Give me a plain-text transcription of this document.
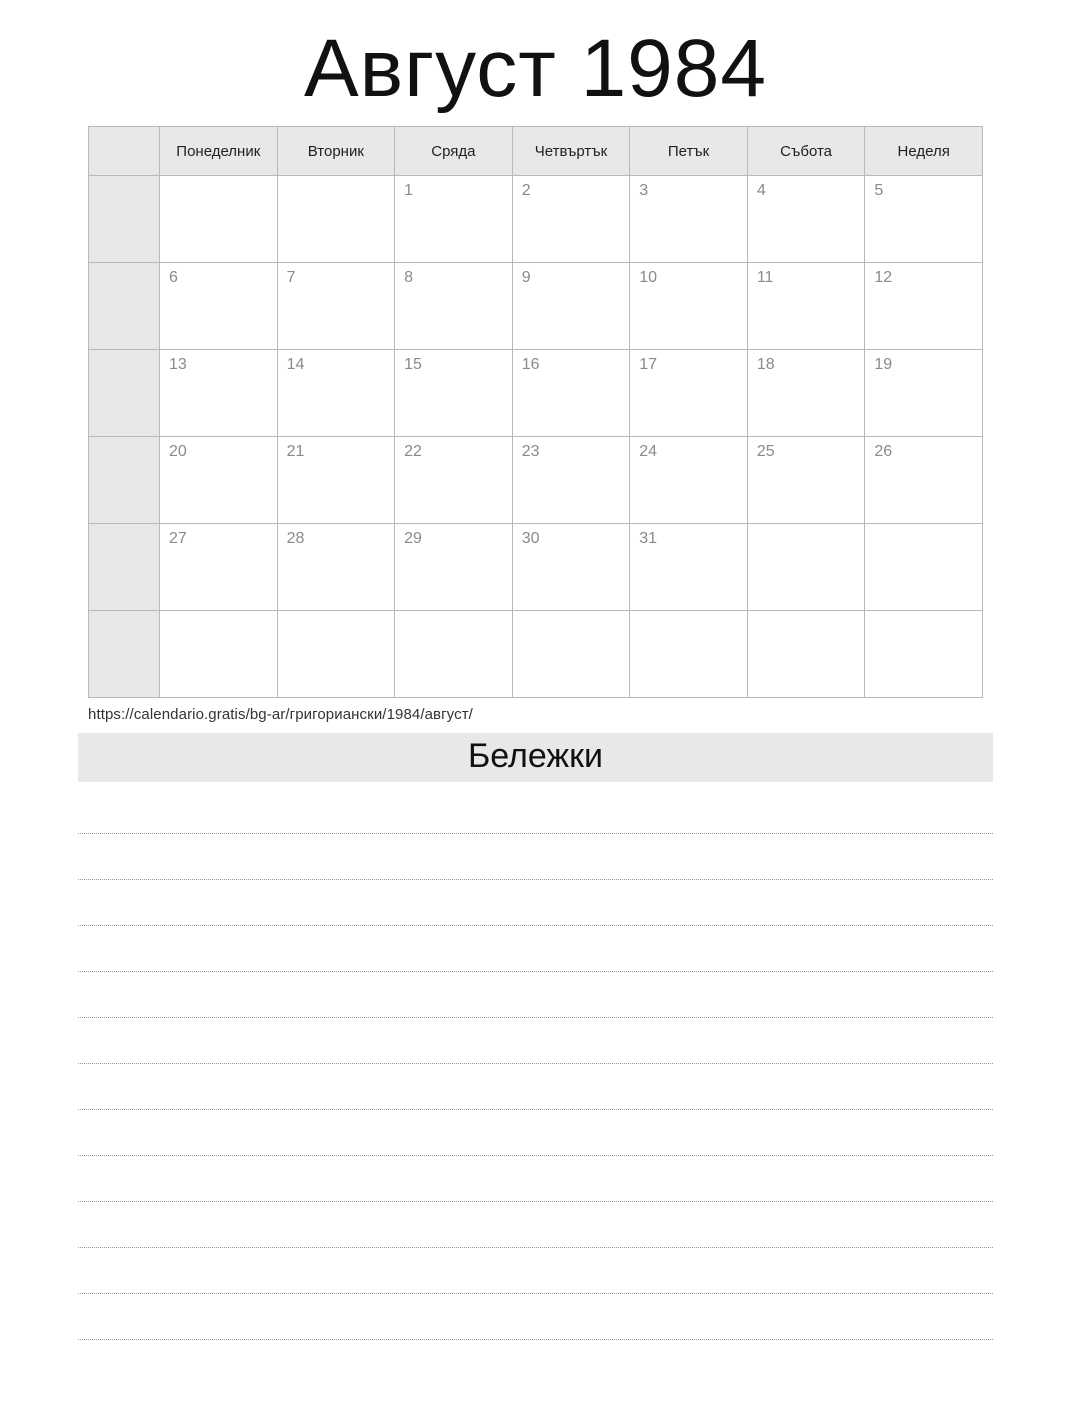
Август 1984
	Понеделник	Вторник	Сряда	Четвъртък	Петък	Събота	Неделя

			1	2	3	4	5

	6	7	8	9	10	11	12

	13	14	15	16	17	18	19

	20	21	22	23	24	25	26

	27	28	29	30	31		

https://calendario.gratis/bg-ar/григориански/1984/август/
Бележки
